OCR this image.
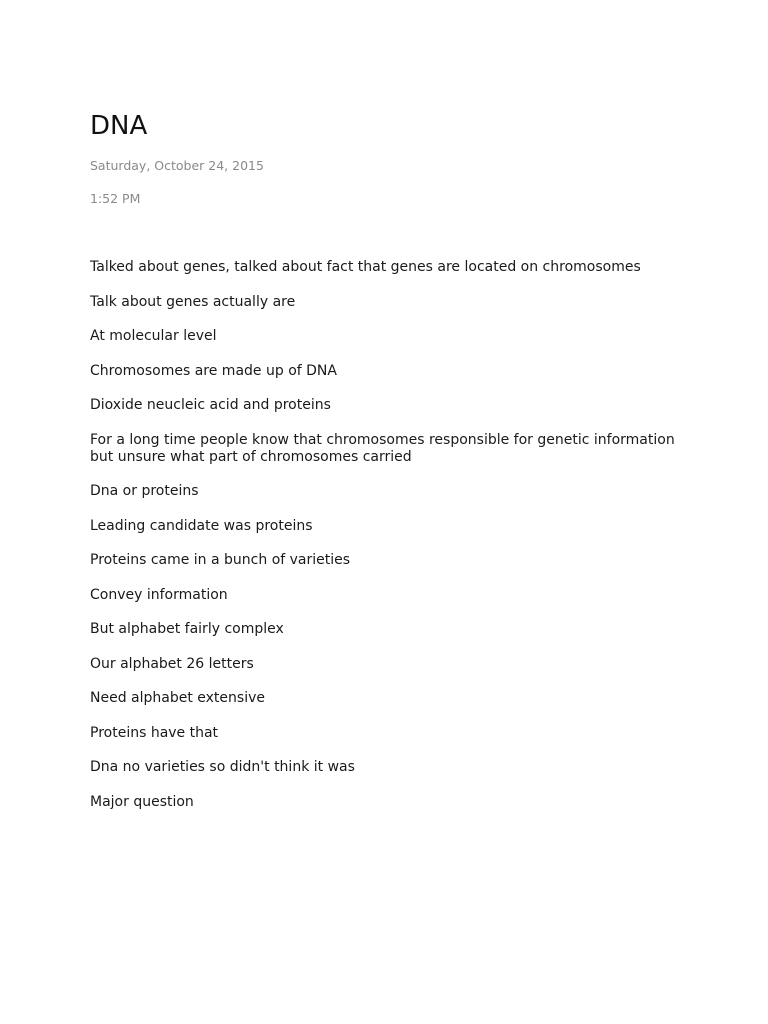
DNA
Saturday, October 24, 2015
1:52 PM
Talked about genes, talked about fact that genes are located on chromosomes
Talk about genes actually are
At molecular level
Chromosomes are made up of DNA
Dioxide neucleic acid and proteins
For a long time people know that chromosomes responsible for genetic information but unsure what part of chromosomes carried
Dna or proteins
Leading candidate was proteins
Proteins came in a bunch of varieties
Convey information
But alphabet fairly complex
Our alphabet 26 letters
Need alphabet extensive
Proteins have that
Dna no varieties so didn't think it was
Major question
